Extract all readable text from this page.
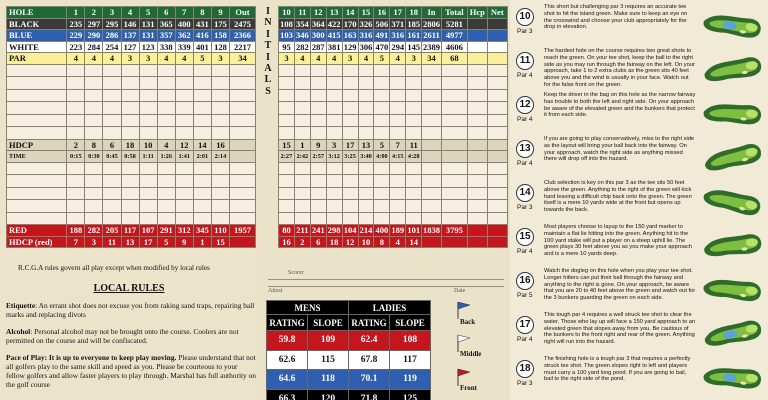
HOLE	1	2	3	4	5	6	7	8	9	Out
BLACK	235	297	295	146	131	365	400	431	175	2475
BLUE	229	290	286	137	131	357	362	416	158	2366
WHITE	223	284	254	127	123	338	339	401	128	2217
PAR	4	4	4	3	3	4	4	5	3	34

HDCP	2	8	6	18	10	4	12	14	16	
TIME	0:15	0:30	0:45	0:58	1:11	1:26	1:41	2:01	2:14	

RED	188	282	205	117	107	291	312	345	110	1957
HDCP (red)	7	3	11	13	17	5	9	1	15	
R.C.G.A rules govern all play except when modified by local rules
LOCAL RULES
Etiquette: An errant shot does not excuse you from raking sand traps, repairing ball marks and replacing divots
Alcohol: Personal alcohol may not be brought onto the course. Coolers are not permitted on the course and will be confiscated.
Pace of Play: It is up to everyone to keep play moving. Please understand that not all golfers play to the same skill and speed as you. Please be courteous to your fellow golfers and allow faster players to play through. Marshal has full authority on the golf course
I
N
I
T
I
A
L
S
10	11	12	13	14	15	16	17	18	In	Total	Hcp	Net
108	354	364	422	170	326	506	371	185	2806	5281		
103	346	300	415	163	316	491	316	161	2611	4977		
95	282	287	381	129	306	470	294	145	2389	4606		
3	4	4	4	3	4	5	4	3	34	68		

15	1	9	3	17	13	5	7	11				
2:27	2:42	2:57	3:12	3:25	3:40	4:00	4:15	4:28				

80	211	241	298	104	214	400	189	101	1838	3795		
16	2	6	18	12	10	8	4	14				
Scorer
Attest	Date
MENS		LADIES	
RATING	SLOPE	RATING	SLOPE
59.8	109	62.4	108
62.6	115	67.8	117
64.6	118	70.1	119
66.3	120	71.8	125
Back
Middle
Front
10
Par 3
This short but challenging par 3 requires an accurate tee shot to hit the island green. Make sure to keep an eye on the crosswind and choose your club appropriately for the drop in elevation.
11
Par 4
The hardest hole on the course requires two great shots to reach the green. On your tee shot, keep the ball to the right side as you may run through the fairway on the left. On your approach, take 1 to 2 extra clubs as the green sits 40 feet above you and the wind is usually in your face. Watch out for the false front on the green.
12
Par 4
Keep the driver in the bag on this hole as the narrow fairway has trouble to both the left and right side. On your approach be aware of the elevated green and the bunkers that protect it from each side.
13
Par 4
If you are going to play conservatively, miss to the right side as the layout will bring your ball back into the fairway. On your approach, watch the right side as anything missed there will drop off into the hazard.
14
Par 3
Club selection is key on this par 3 as the tee sits 50 feet above the green. Anything to the right of the green will kick hard leaving a difficult chip back onto the green. The green itself is a mere 10 yards wide at the front but opens up towards the back.
15
Par 4
Most players choose to layup to the 150 yard marker to maintain a flat lie hitting into the green. Anything hit to the 100 yard stake will put a player on a steep uphill lie. The green plays 30 feet above you as you make your approach and is a mere 10 yards deep.
16
Par 5
Watch the dogleg on this hole when you play your tee shot. Longer hitters can put their ball through the fairway and anything to the right is gone. On your approach, be aware that you are 20 to 40 feet above the green and watch out for the 3 bunkers guarding the green on each side.
17
Par 4
This tough par 4 requires a well struck tee shot to clear the water. Those who lay up will face a 150 yard approach to an elevated green that slopes away from you. Be cautious of the bunkers to the front right and rear of the green. Anything right will run into the hazard.
18
Par 3
The finishing hole is a tough par 3 that requires a perfectly struck tee shot. The green slopes right to left and players must carry a 100 yard long pond. If you are going to bail, bail to the right side of the pond.
